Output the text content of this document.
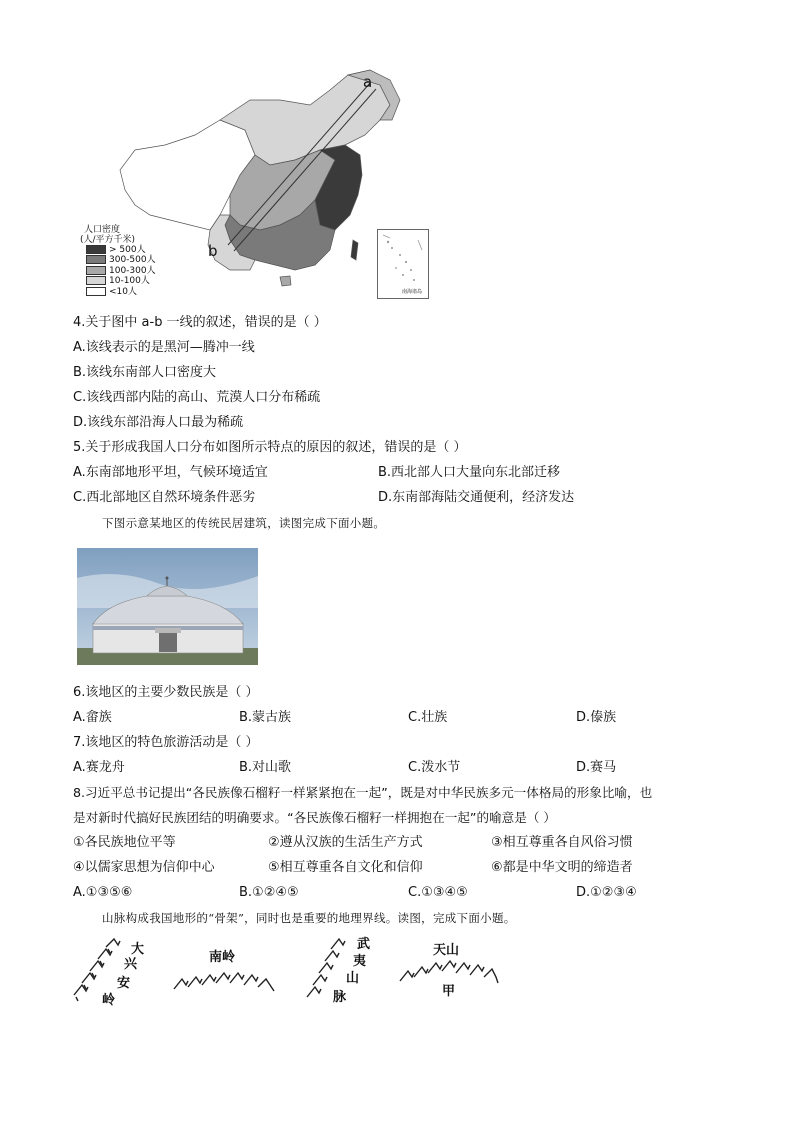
a
b
人口密度
(人/平方千米)
> 500人
300-500人
100-300人
10-100人
<10人	南海诸岛
4.关于图中 a-b 一线的叙述，错误的是（ ）
A.该线表示的是黑河—腾冲一线
B.该线东南部人口密度大
C.该线西部内陆的高山、荒漠人口分布稀疏
D.该线东部沿海人口最为稀疏
5.关于形成我国人口分布如图所示特点的原因的叙述，错误的是（ ）
A.东南部地形平坦，气候环境适宜	B.西北部人口大量向东北部迁移
C.西北部地区自然环境条件恶劣	D.东南部海陆交通便利，经济发达
下图示意某地区的传统民居建筑，读图完成下面小题。
6.该地区的主要少数民族是（ ）
A.畲族	B.蒙古族	C.壮族	D.傣族
7.该地区的特色旅游活动是（ ）
A.赛龙舟	B.对山歌	C.泼水节	D.赛马
8.习近平总书记提出“各民族像石榴籽一样紧紧抱在一起”，既是对中华民族多元一体格局的形象比喻，也
是对新时代搞好民族团结的明确要求。“各民族像石榴籽一样拥抱在一起”的喻意是（ ）
①各民族地位平等	②遵从汉族的生活生产方式	③相互尊重各自风俗习惯
④以儒家思想为信仰中心	⑤相互尊重各自文化和信仰	⑥都是中华文明的缔造者
A.①③⑤⑥	B.①②④⑤	C.①③④⑤	D.①②③④
山脉构成我国地形的“骨架”，同时也是重要的地理界线。读图，完成下面小题。
大
兴
安
岭
南岭
武
夷
山
脉
天山
甲
